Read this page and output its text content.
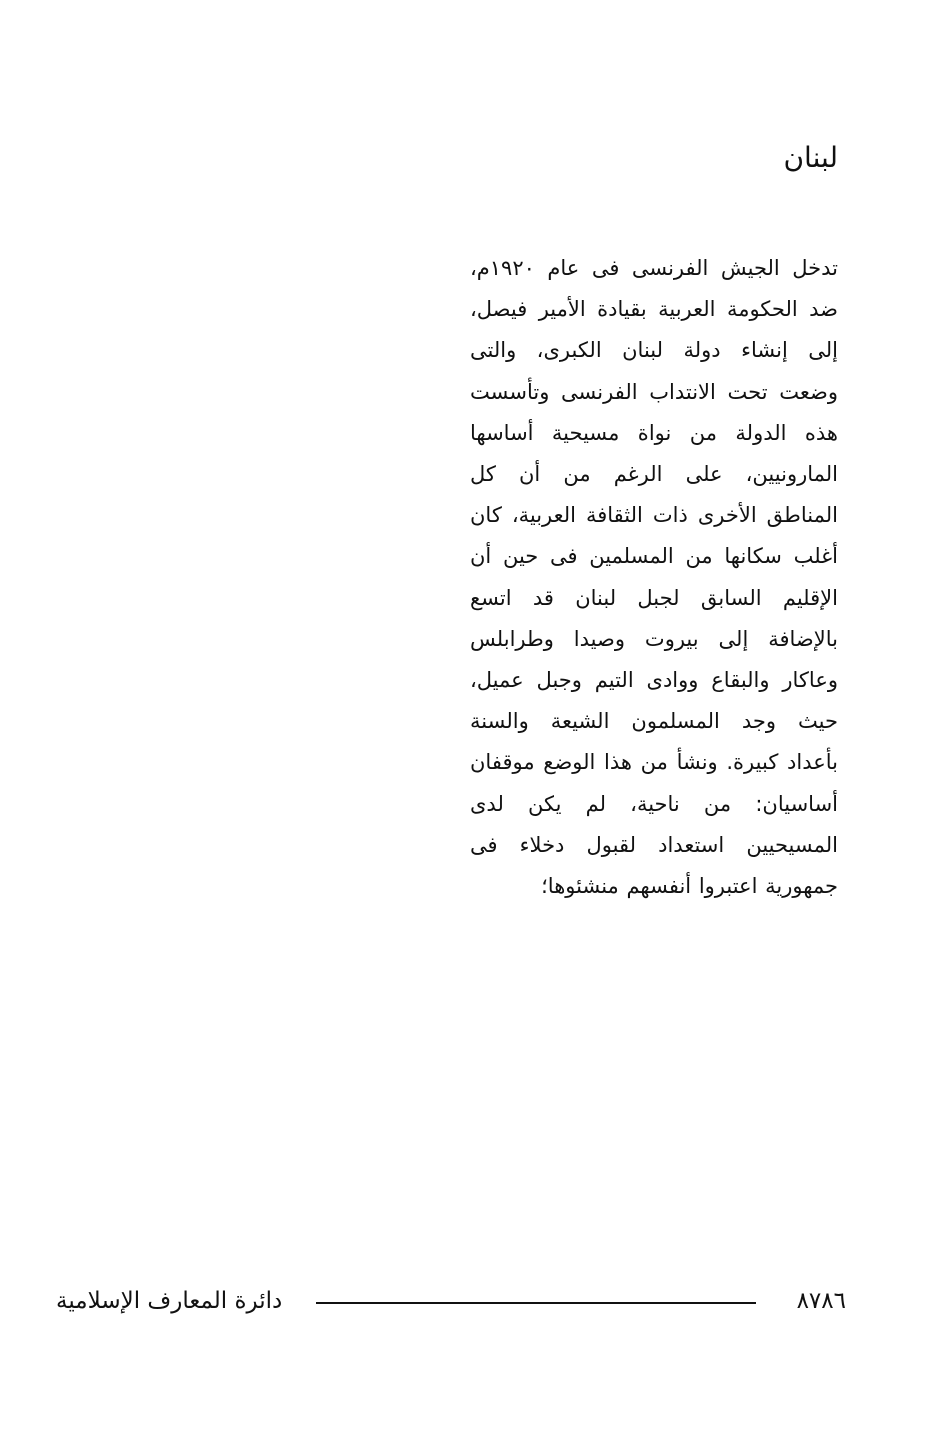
لبنان

تدخل الجيش الفرنسى فى عام ١٩٢٠م، ضد الحكومة العربية بقيادة الأمير فيصل، إلى إنشاء دولة لبنان الكبرى، والتى وضعت تحت الانتداب الفرنسى وتأسست هذه الدولة من نواة مسيحية أساسها المارونيين، على الرغم من أن كل المناطق الأخرى ذات الثقافة العربية، كان أغلب سكانها من المسلمين فى حين أن الإقليم السابق لجبل لبنان قد اتسع بالإضافة إلى بيروت وصيدا وطرابلس وعاكار والبقاع ووادى التيم وجبل عميل، حيث وجد المسلمون الشيعة والسنة بأعداد كبيرة. ونشأ من هذا الوضع موقفان أساسيان: من ناحية، لم يكن لدى المسيحيين استعداد لقبول دخلاء فى جمهورية اعتبروا أنفسهم منشئوها؛

دائرة المعارف الإسلامية	٨٧٨٦
